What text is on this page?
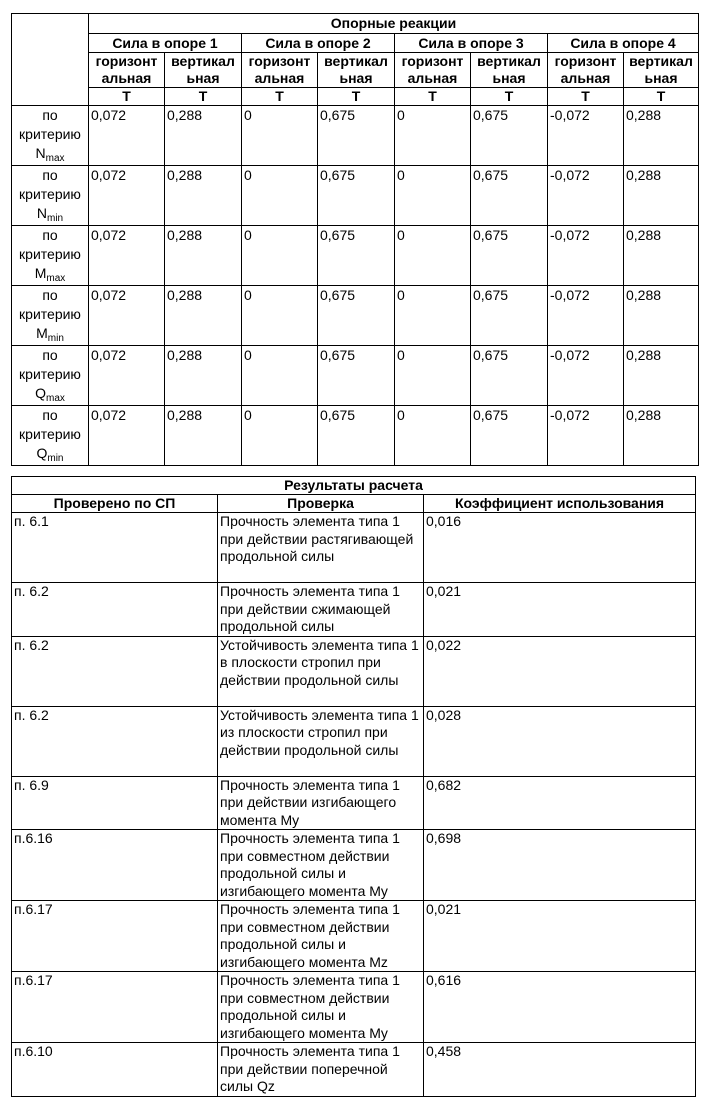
	Опорные реакции							
	Сила в опоре 1		Сила в опоре 2		Сила в опоре 3		Сила в опоре 4	
	горизонт альная	вертикал ьная	горизонт альная	вертикал ьная	горизонт альная	вертикал ьная	горизонт альная	вертикал ьная
	Т	Т	Т	Т	Т	Т	Т	Т
по
критерию
$N_{max}$	0,072	0,288	0	0,675	0	0,675	-0,072	0,288
по
критерию
$N_{min}$	0,072	0,288	0	0,675	0	0,675	-0,072	0,288
по
критерию
$M_{max}$	0,072	0,288	0	0,675	0	0,675	-0,072	0,288
по
критерию
$M_{min}$	0,072	0,288	0	0,675	0	0,675	-0,072	0,288
по
критерию
$Q_{max}$	0,072	0,288	0	0,675	0	0,675	-0,072	0,288
по
критерию
$Q_{min}$	0,072	0,288	0	0,675	0	0,675	-0,072	0,288
Результаты расчета		
Проверено по СП	Проверка	Коэффициент использования
п. 6.1	Прочность элемента типа 1 при действии растягивающей продольной силы	0,016
п. 6.2	Прочность элемента типа 1 при действии сжимающей продольной силы	0,021
п. 6.2	Устойчивость элемента типа 1 в плоскости стропил при действии продольной силы	0,022
п. 6.2	Устойчивость элемента типа 1 из плоскости стропил при действии продольной силы	0,028
п. 6.9	Прочность элемента типа 1 при действии изгибающего момента My	0,682
п.6.16	Прочность элемента типа 1 при совместном действии продольной силы и изгибающего момента My	0,698
п.6.17	Прочность элемента типа 1 при совместном действии продольной силы и изгибающего момента Mz	0,021
п.6.17	Прочность элемента типа 1 при совместном действии продольной силы и изгибающего момента My	0,616
п.6.10	Прочность элемента типа 1 при действии поперечной силы Qz	0,458
